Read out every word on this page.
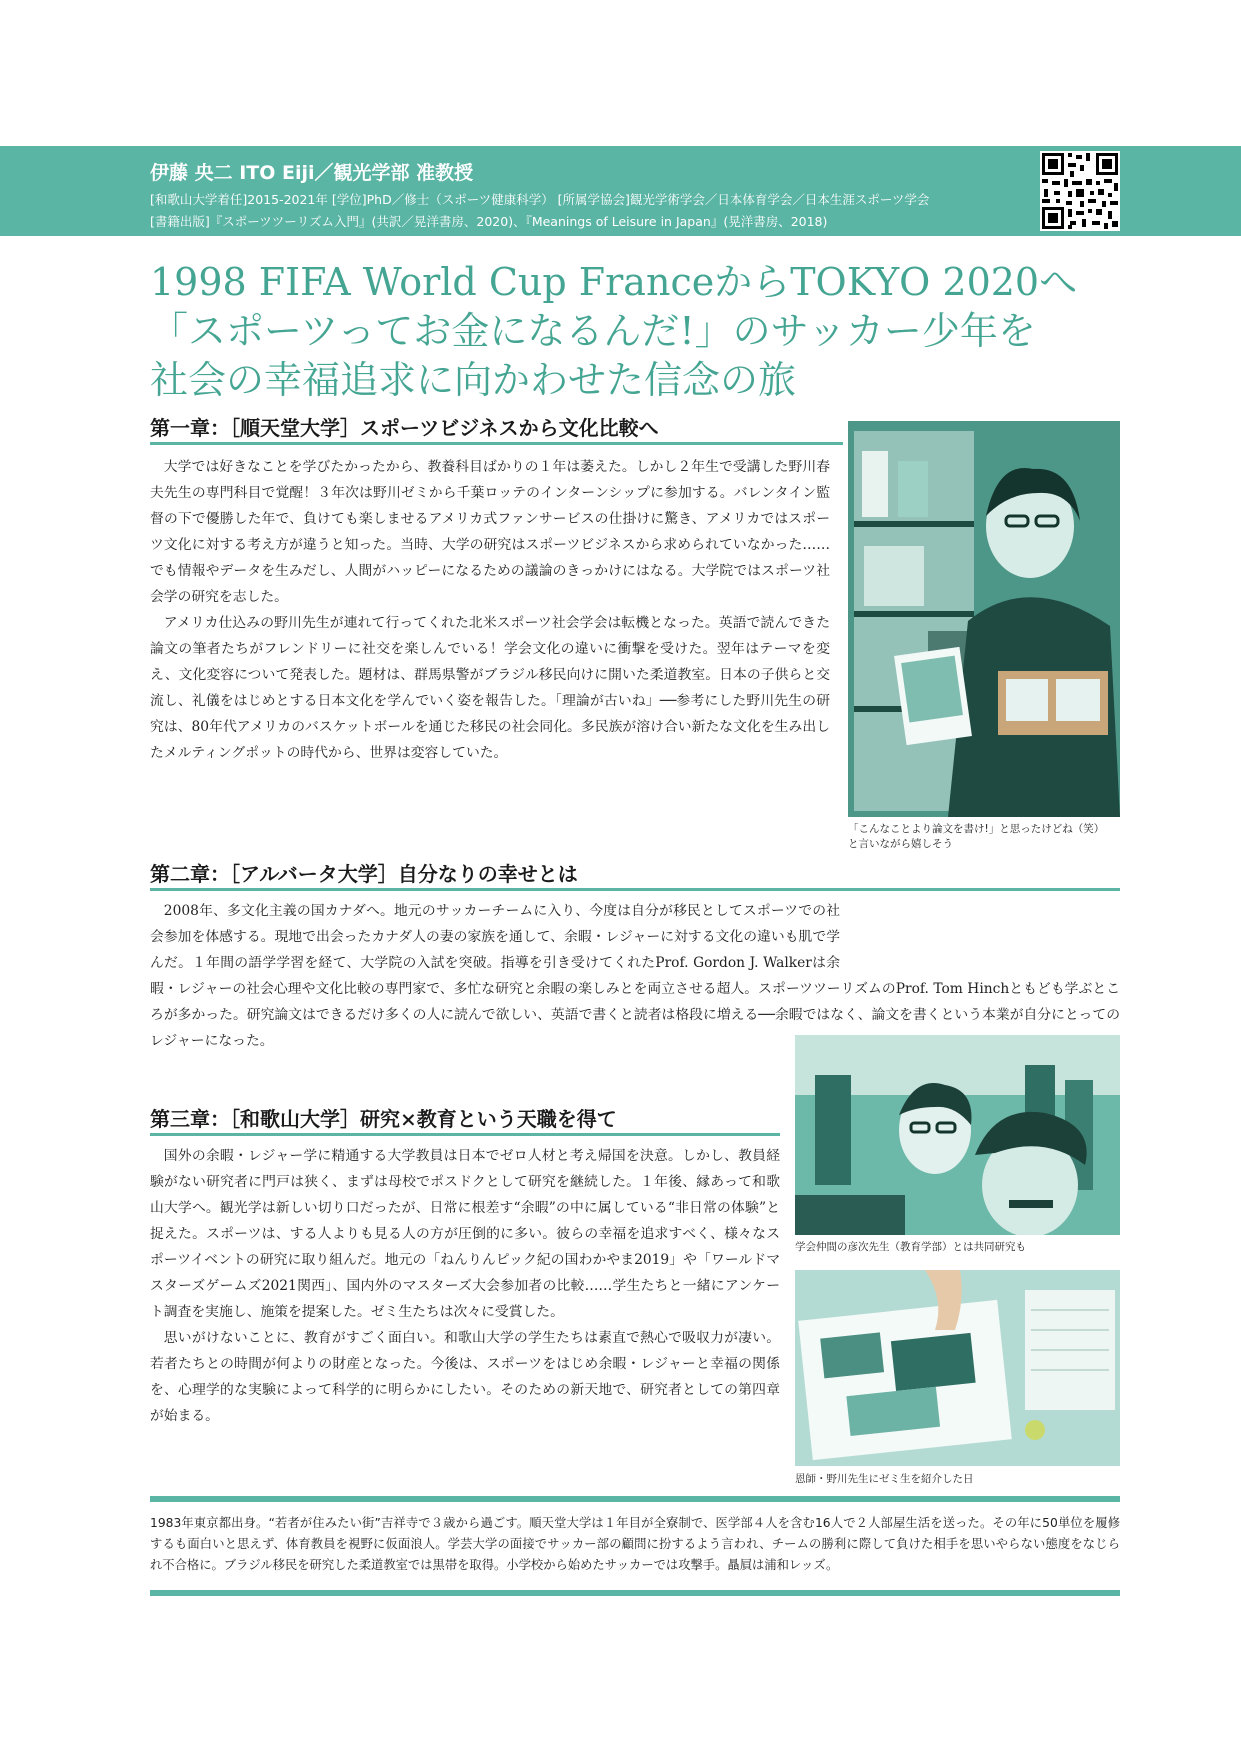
伊藤 央二 ITO Eiji／観光学部 准教授
[和歌山大学着任]2015-2021年 [学位]PhD／修士（スポーツ健康科学） [所属学協会]観光学術学会／日本体育学会／日本生涯スポーツ学会
[書籍出版]『スポーツツーリズム入門』(共訳／晃洋書房、2020)、『Meanings of Leisure in Japan』(晃洋書房、2018)
1998 FIFA World Cup FranceからTOKYO 2020へ
「スポーツってお金になるんだ!」のサッカー少年を
社会の幸福追求に向かわせた信念の旅
第一章：［順天堂大学］スポーツビジネスから文化比較へ

大学では好きなことを学びたかったから、教養科目ばかりの１年は萎えた。しかし２年生で受講した野川春夫先生の専門科目で覚醒！３年次は野川ゼミから千葉ロッテのインターンシップに参加する。バレンタイン監督の下で優勝した年で、負けても楽しませるアメリカ式ファンサービスの仕掛けに驚き、アメリカではスポーツ文化に対する考え方が違うと知った。当時、大学の研究はスポーツビジネスから求められていなかった……でも情報やデータを生みだし、人間がハッピーになるための議論のきっかけにはなる。大学院ではスポーツ社会学の研究を志した。

アメリカ仕込みの野川先生が連れて行ってくれた北米スポーツ社会学会は転機となった。英語で読んできた論文の筆者たちがフレンドリーに社交を楽しんでいる！学会文化の違いに衝撃を受けた。翌年はテーマを変え、文化変容について発表した。題材は、群馬県警がブラジル移民向けに開いた柔道教室。日本の子供らと交流し、礼儀をはじめとする日本文化を学んでいく姿を報告した。「理論が古いね」──参考にした野川先生の研究は、80年代アメリカのバスケットボールを通じた移民の社会同化。多民族が溶け合い新たな文化を生み出したメルティングポットの時代から、世界は変容していた。

「こんなことより論文を書け!」と思ったけどね（笑）
と言いながら嬉しそう
第二章：［アルバータ大学］自分なりの幸せとは

2008年、多文化主義の国カナダへ。地元のサッカーチームに入り、今度は自分が移民としてスポーツでの社会参加を体感する。現地で出会ったカナダ人の妻の家族を通して、余暇・レジャーに対する文化の違いも肌で学んだ。１年間の語学学習を経て、大学院の入試を突破。指導を引き受けてくれたProf. Gordon J. Walkerは余暇・レジャーの社会心理や文化比較の専門家で、多忙な研究と余暇の楽しみとを両立させる超人。スポーツツーリズムのProf. Tom Hinchともども学ぶところが多かった。研究論文はできるだけ多くの人に読んで欲しい、英語で書くと読者は格段に増える──余暇ではなく、論文を書くという本業が自分にとってのレジャーになった。

学会仲間の彦次先生（教育学部）とは共同研究も
第三章：［和歌山大学］研究×教育という天職を得て

国外の余暇・レジャー学に精通する大学教員は日本でゼロ人材と考え帰国を決意。しかし、教員経験がない研究者に門戸は狭く、まずは母校でポスドクとして研究を継続した。１年後、縁あって和歌山大学へ。観光学は新しい切り口だったが、日常に根差す“余暇”の中に属している“非日常の体験”と捉えた。スポーツは、する人よりも見る人の方が圧倒的に多い。彼らの幸福を追求すべく、様々なスポーツイベントの研究に取り組んだ。地元の「ねんりんピック紀の国わかやま2019」や「ワールドマスターズゲームズ2021関西」、国内外のマスターズ大会参加者の比較……学生たちと一緒にアンケート調査を実施し、施策を提案した。ゼミ生たちは次々に受賞した。

思いがけないことに、教育がすごく面白い。和歌山大学の学生たちは素直で熱心で吸収力が凄い。若者たちとの時間が何よりの財産となった。今後は、スポーツをはじめ余暇・レジャーと幸福の関係を、心理学的な実験によって科学的に明らかにしたい。そのための新天地で、研究者としての第四章が始まる。

恩師・野川先生にゼミ生を紹介した日
1983年東京都出身。“若者が住みたい街”吉祥寺で３歳から過ごす。順天堂大学は１年目が全寮制で、医学部４人を含む16人で２人部屋生活を送った。その年に50単位を履修するも面白いと思えず、体育教員を視野に仮面浪人。学芸大学の面接でサッカー部の顧問に扮するよう言われ、チームの勝利に際して負けた相手を思いやらない態度をなじられ不合格に。ブラジル移民を研究した柔道教室では黒帯を取得。小学校から始めたサッカーでは攻撃手。贔屓は浦和レッズ。
